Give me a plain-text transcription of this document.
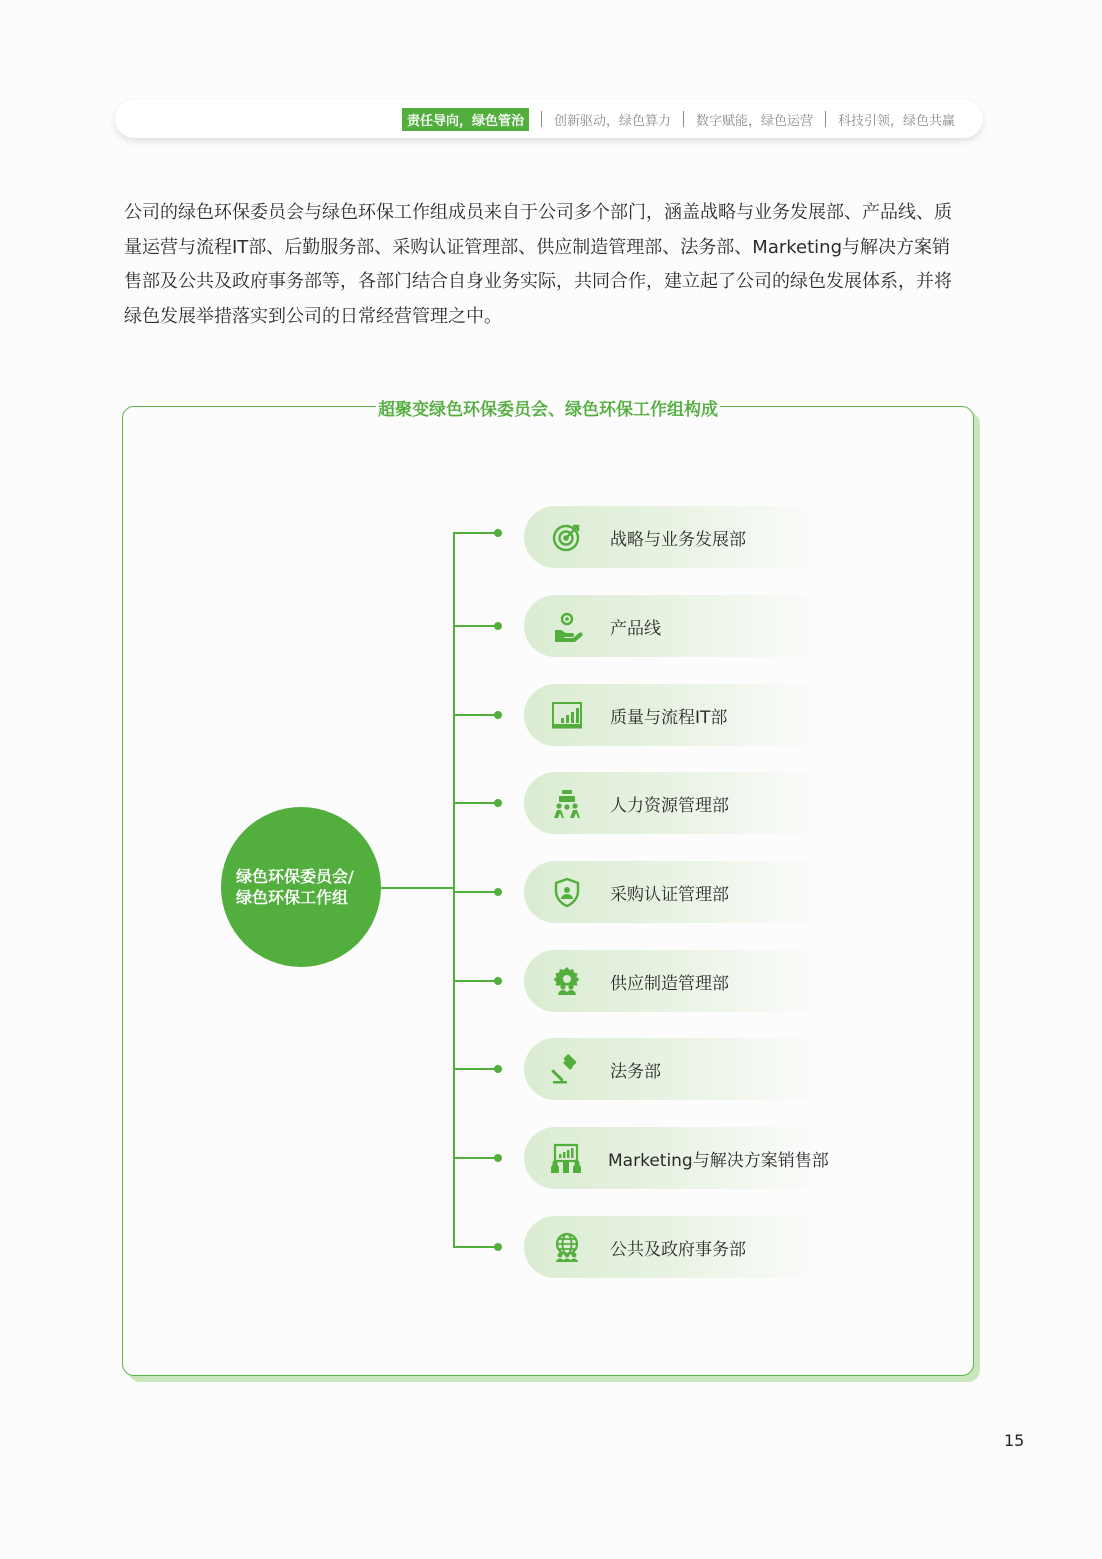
责任导向，绿色管治	创新驱动，绿色算力 数字赋能，绿色运营 科技引领，绿色共赢

公司的绿色环保委员会与绿色环保工作组成员来自于公司多个部门，涵盖战略与业务发展部、产品线、质量运营与流程IT部、后勤服务部、采购认证管理部、供应制造管理部、法务部、Marketing与解决方案销售部及公共及政府事务部等，各部门结合自身业务实际，共同合作，建立起了公司的绿色发展体系，并将绿色发展举措落实到公司的日常经营管理之中。

超聚变绿色环保委员会、绿色环保工作组构成
绿色环保委员会/
绿色环保工作组
战略与业务发展部
产品线
质量与流程IT部
人力资源管理部
采购认证管理部
供应制造管理部
法务部
Marketing与解决方案销售部
公共及政府事务部
15
